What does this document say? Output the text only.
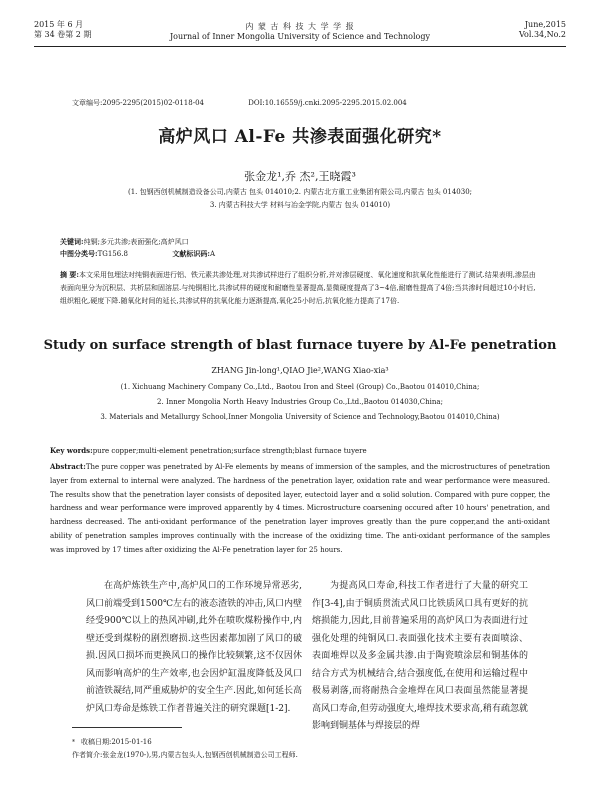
2015 年 6 月
第 34 卷第 2 期
内 蒙 古 科 技 大 学 学 报
Journal of Inner Mongolia University of Science and Technology
June,2015
Vol.34,No.2
文章编号:2095-2295(2015)02-0118-04	DOI:10.16559/j.cnki.2095-2295.2015.02.004
高炉风口 Al-Fe 共渗表面强化研究*
张金龙¹,乔 杰²,王晓霞³
(1. 包钢西创机械制造设备公司,内蒙古 包头 014010;2. 内蒙古北方重工业集团有限公司,内蒙古 包头 014030;
3. 内蒙古科技大学 材料与冶金学院,内蒙古 包头 014010)
关键词:纯铜;多元共渗;表面强化;高炉风口
中图分类号:TG156.8	文献标识码:A
摘 要:本文采用包埋法对纯铜表面进行铝、铁元素共渗处理,对共渗试样进行了组织分析,并对渗层硬度、氧化速度和抗氧化性能进行了测试.结果表明,渗层由表面向里分为沉积层、共析层和固溶层.与纯铜相比,共渗试样的硬度和耐磨性显著提高,显微硬度提高了3~4倍,耐磨性提高了4倍;当共渗时间超过10小时后,组织粗化,硬度下降.随氧化时间的延长,共渗试样的抗氧化能力逐渐提高,氧化25小时后,抗氧化能力提高了17倍.
Study on surface strength of blast furnace tuyere by Al-Fe penetration
ZHANG Jin-long¹,QIAO Jie²,WANG Xiao-xia³
(1. Xichuang Machinery Company Co.,Ltd., Baotou Iron and Steel (Group) Co.,Baotou 014010,China;
2. Inner Mongolia North Heavy Industries Group Co.,Ltd.,Baotou 014030,China;
3. Materials and Metallurgy School,Inner Mongolia University of Science and Technology,Baotou 014010,China)
Key words:pure copper;multi-element penetration;surface strength;blast furnace tuyere
Abstract:The pure copper was penetrated by Al-Fe elements by means of immersion of the samples, and the microstructures of penetration layer from external to internal were analyzed. The hardness of the penetration layer, oxidation rate and wear performance were measured. The results show that the penetration layer consists of deposited layer, eutectoid layer and α solid solution. Compared with pure copper, the hardness and wear performance were improved apparently by 4 times. Microstructure coarsening occured after 10 hours' penetration, and hardness decreased. The anti-oxidant performance of the penetration layer improves greatly than the pure copper,and the anti-oxidant ability of penetration samples improves continually with the increase of the oxidizing time. The anti-oxidant performance of the samples was improved by 17 times after oxidizing the Al-Fe penetration layer for 25 hours.
在高炉炼铁生产中,高炉风口的工作环境异常恶劣,风口前端受到1500℃左右的液态渣铁的冲击,风口内壁经受900℃以上的热风冲刷,此外在喷吹煤粉操作中,内壁还受到煤粉的剧烈磨损.这些因素都加剧了风口的破损.因风口损坏而更换风口的操作比较频繁,这不仅因休风而影响高炉的生产效率,也会因炉缸温度降低及风口前渣铁凝结,同严重威胁炉的安全生产.因此,如何延长高炉风口寿命是炼铁工作者普遍关注的研究课题[1-2].
为提高风口寿命,科技工作者进行了大量的研究工作[3-4],由于铜质贯流式风口比铁质风口具有更好的抗熔损能力,因此,目前普遍采用的高炉风口为表面进行过强化处理的纯铜风口.表面强化技术主要有表面喷涂、表面堆焊以及多金属共渗.由于陶瓷喷涂层和铜基体的结合方式为机械结合,结合强度低,在使用和运输过程中极易剥落,而将耐热合金堆焊在风口表面虽然能显著提高风口寿命,但劳动强度大,堆焊技术要求高,稍有疏忽就影响到铜基体与焊接层的焊
* 收稿日期:2015-01-16
作者简介:张金龙(1970-),男,内蒙古包头人,包钢西创机械制造公司工程师.
